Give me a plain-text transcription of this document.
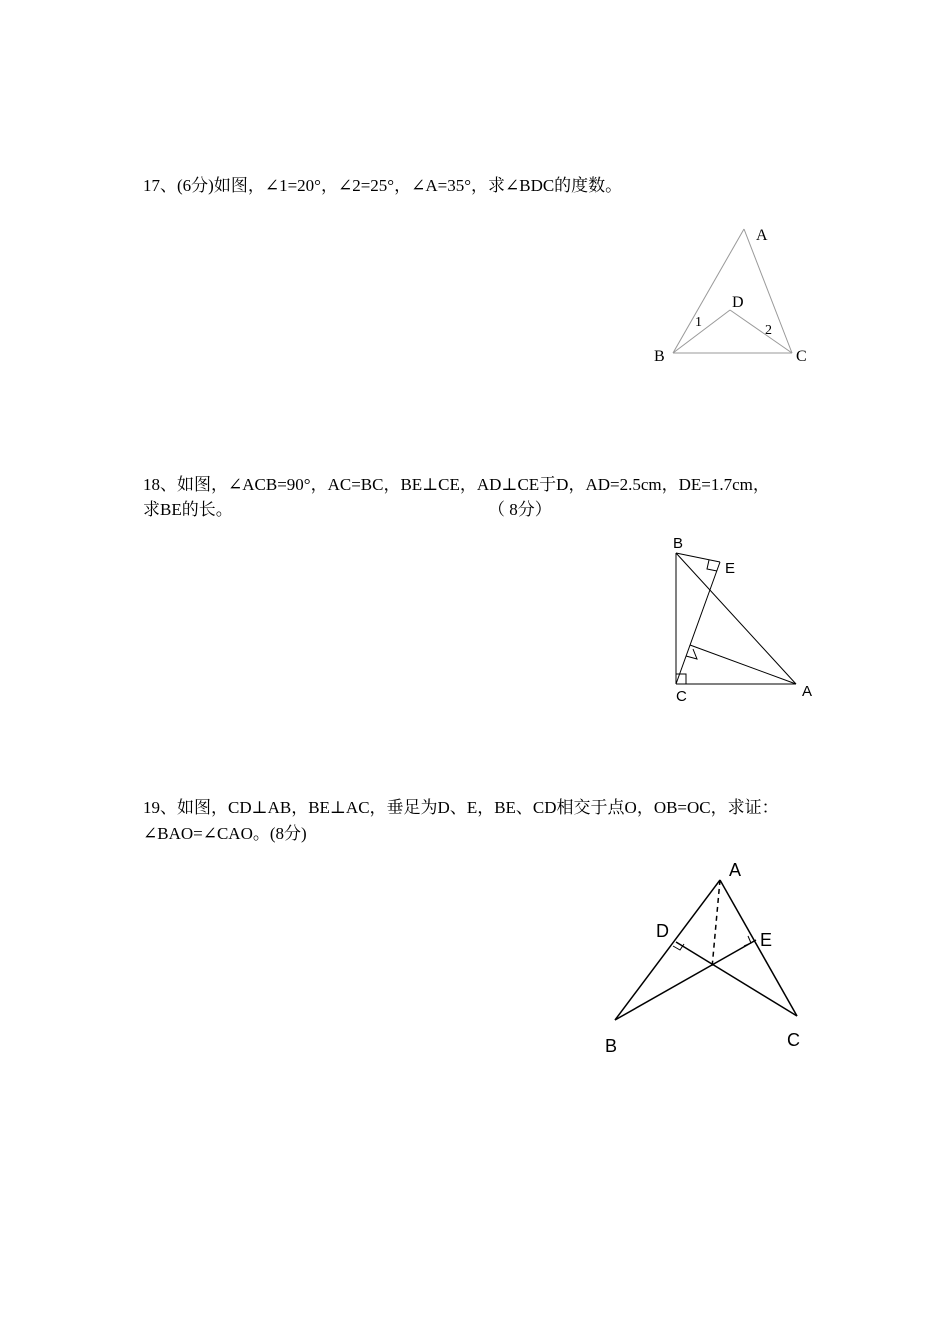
17、(6分)如图，∠1=20°，∠2=25°，∠A=35°，求∠BDC的度数。
A
B	C
D
1
2
18、如图，∠ACB=90°，AC=BC，BE⊥CE，AD⊥CE于D，AD=2.5cm，DE=1.7cm，
求BE的长。	（ 8分）
B
E
C	A
19、如图，CD⊥AB，BE⊥AC，垂足为D、E，BE、CD相交于点O，OB=OC，求证：
∠BAO=∠CAO。(8分)
A
D	E
B	C
